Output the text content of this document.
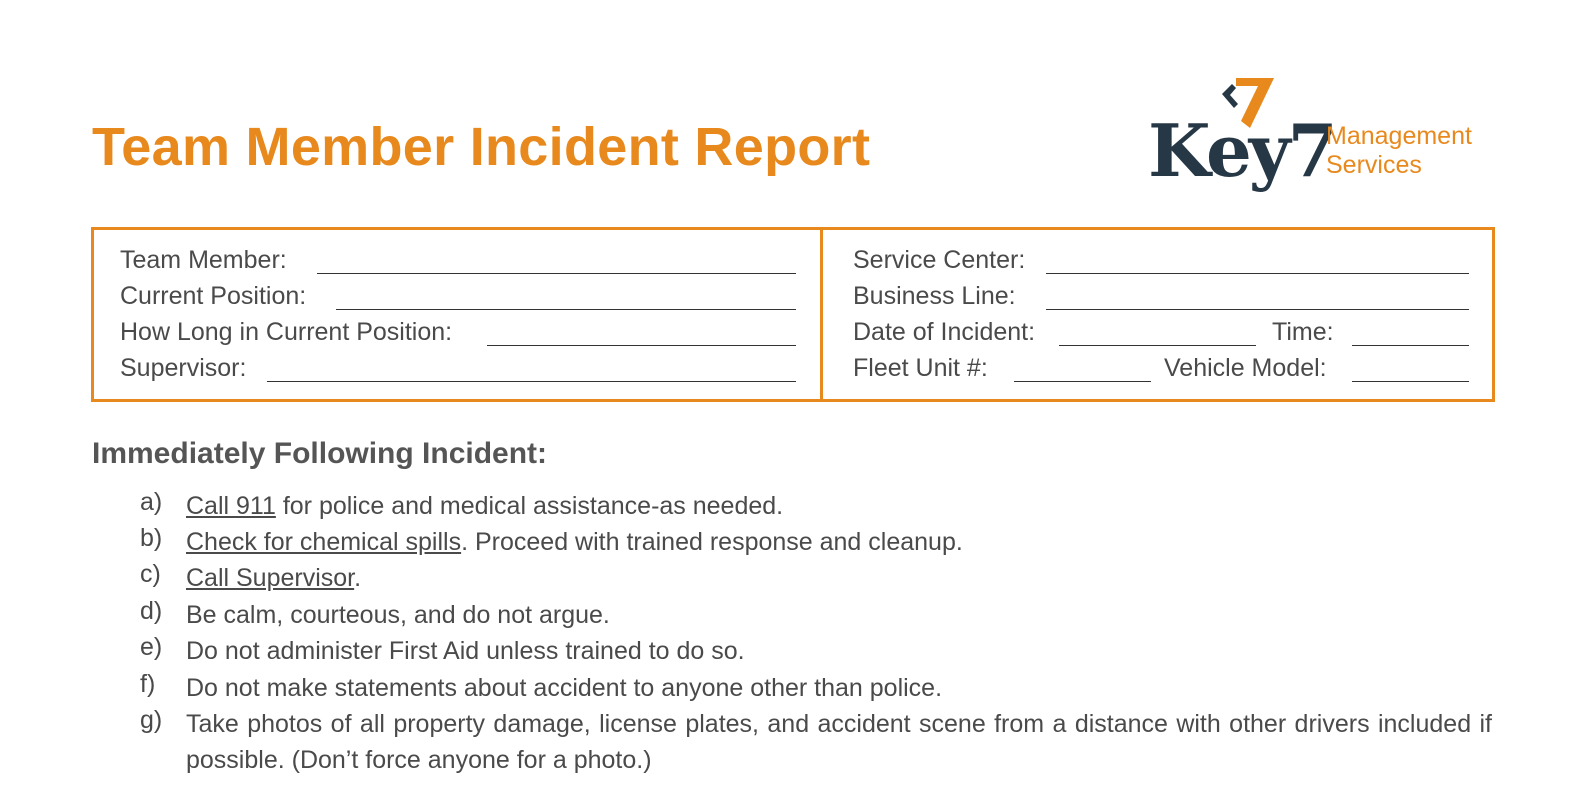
Team Member Incident Report	Key7
Management
Services
Team Member:
Current Position:
How Long in Current Position:
Supervisor:
Service Center:
Business Line:
Date of Incident:	Time:
Fleet Unit #:	Vehicle Model:
Immediately Following Incident:
a) Call 911 for police and medical assistance-as needed.
b) Check for chemical spills. Proceed with trained response and cleanup.
c) Call Supervisor.
d) Be calm, courteous, and do not argue.
e) Do not administer First Aid unless trained to do so.
f) Do not make statements about accident to anyone other than police.
g) Take photos of all property damage, license plates, and accident scene from a distance with other drivers included if possible. (Don’t force anyone for a photo.)
